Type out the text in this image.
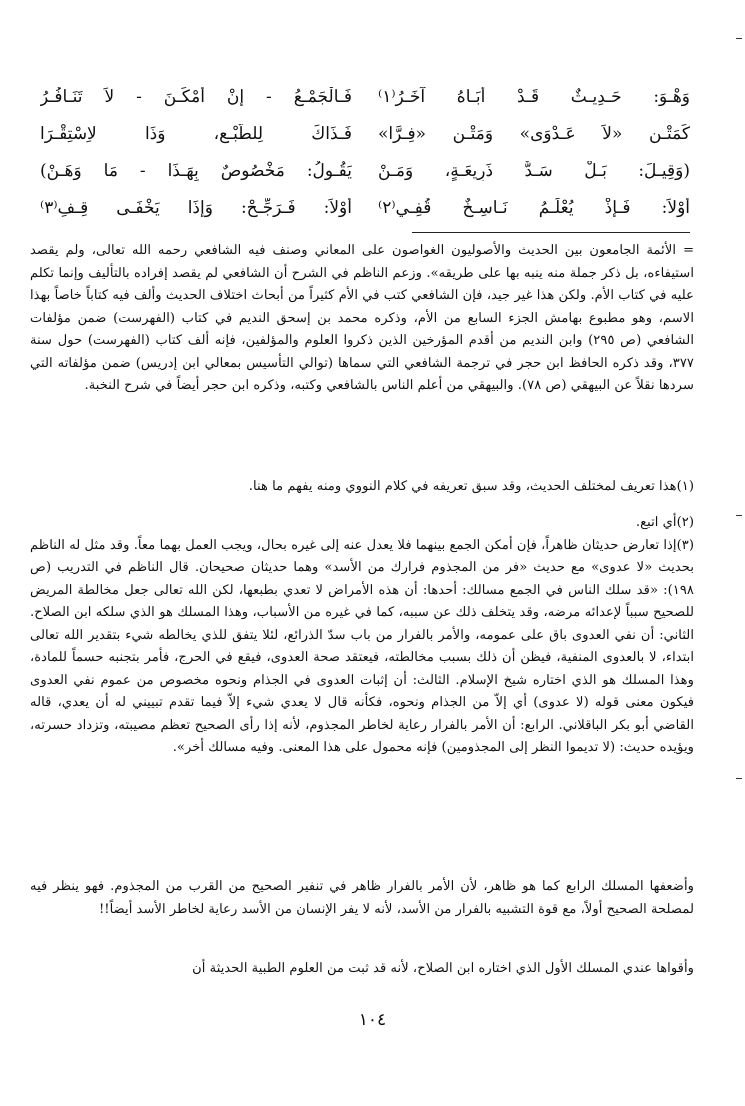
وَهْـوَ: حَـدِيـثٌ قَـدْ أَبَـاهُ آخَـرُ⁽١⁾
فَـالْجَمْـعُ - إِنْ أَمْكَـنَ - لاَ تَنَـافُـرُ
كَمَتْـنِ «لاَ عَـدْوَى» وَمَتْـنِ «فِـرَّا»
فَـذَاكَ لِلطَّبْـعِ، وَذَا لاِسْتِقْـرَا
(وَقِيـلَ: بَـلْ سَـدٌّ ذَرِيعَـةٍ، وَمَـنْ
يَقُـولُ: مَخْصُوصٌ بِهَـذَا - مَا وَهَـنْ)
أَوْلاَ: فَـإِذْ يُعْلَـمُ نَـاسِـخٌ قُفِـي⁽٢⁾
أَوْلاَ: فَـرَجِّـحْ: وَإِذَا يَخْفَـى قِـفِ⁽٣⁾

= الأئمة الجامعون بين الحديث والأصوليون الغواصون على المعاني وصنف فيه الشافعي رحمه الله تعالى، ولم يقصد استيفاءه، بل ذكر جملة منه ينبه بها على طريقه». وزعم الناظم في الشرح أن الشافعي لم يقصد إفراده بالتأليف وإنما تكلم عليه في كتاب الأم. ولكن هذا غير جيد، فإن الشافعي كتب في الأم كثيراً من أبحاث اختلاف الحديث وألف فيه كتاباً خاصاً بهذا الاسم، وهو مطبوع بهامش الجزء السابع من الأم، وذكره محمد بن إسحق النديم في كتاب (الفهرست) ضمن مؤلفات الشافعي (ص ٢٩٥) وابن النديم من أقدم المؤرخين الذين ذكروا العلوم والمؤلفين، فإنه ألف كتاب (الفهرست) حول سنة ٣٧٧، وقد ذكره الحافظ ابن حجر في ترجمة الشافعي التي سماها (توالي التأسيس بمعالي ابن إدريس) ضمن مؤلفاته التي سردها نقلاً عن البيهقي (ص ٧٨). والبيهقي من أعلم الناس بالشافعي وكتبه، وذكره ابن حجر أيضاً في شرح النخبة.

(١)هذا تعريف لمختلف الحديث، وقد سبق تعريفه في كلام النووي ومنه يفهم ما هنا.

(٢)أي اتبع.

(٣)إذا تعارض حديثان ظاهراً، فإن أمكن الجمع بينهما فلا يعدل عنه إلى غيره بحال، ويجب العمل بهما معاً. وقد مثل له الناظم بحديث «لا عدوى» مع حديث «فر من المجذوم فرارك من الأسد» وهما حديثان صحيحان. قال الناظم في التدريب (ص ١٩٨): «قد سلك الناس في الجمع مسالك: أحدها: أن هذه الأمراض لا تعدي بطبعها، لكن الله تعالى جعل مخالطة المريض للصحيح سبباً لإعدائه مرضه، وقد يتخلف ذلك عن سببه، كما في غيره من الأسباب، وهذا المسلك هو الذي سلكه ابن الصلاح. الثاني: أن نفي العدوى باق على عمومه، والأمر بالفرار من باب سدّ الذرائع، لئلا يتفق للذي يخالطه شيء بتقدير الله تعالى ابتداء، لا بالعدوى المنفية، فيظن أن ذلك بسبب مخالطته، فيعتقد صحة العدوى، فيقع في الحرج، فأمر بتجنبه حسماً للمادة، وهذا المسلك هو الذي اختاره شيخ الإسلام. الثالث: أن إثبات العدوى في الجذام ونحوه مخصوص من عموم نفي العدوى فيكون معنى قوله (لا عدوى) أي إلاّ من الجذام ونحوه، فكأنه قال لا يعدي شيء إلاّ فيما تقدم تبييني له أن يعدي، قاله القاضي أبو بكر الباقلاني. الرابع: أن الأمر بالفرار رعاية لخاطر المجذوم، لأنه إذا رأى الصحيح تعظم مصيبته، وتزداد حسرته، ويؤيده حديث: (لا تديموا النظر إلى المجذومين) فإنه محمول على هذا المعنى. وفيه مسالك أخر».

وأضعفها المسلك الرابع كما هو ظاهر، لأن الأمر بالفرار ظاهر في تنفير الصحيح من القرب من المجذوم. فهو ينظر فيه لمصلحة الصحيح أولاً، مع قوة التشبيه بالفرار من الأسد، لأنه لا يفر الإنسان من الأسد رعاية لخاطر الأسد أيضاً!!

وأقواها عندي المسلك الأول الذي اختاره ابن الصلاح، لأنه قد ثبت من العلوم الطبية الحديثة أن

١٠٤
